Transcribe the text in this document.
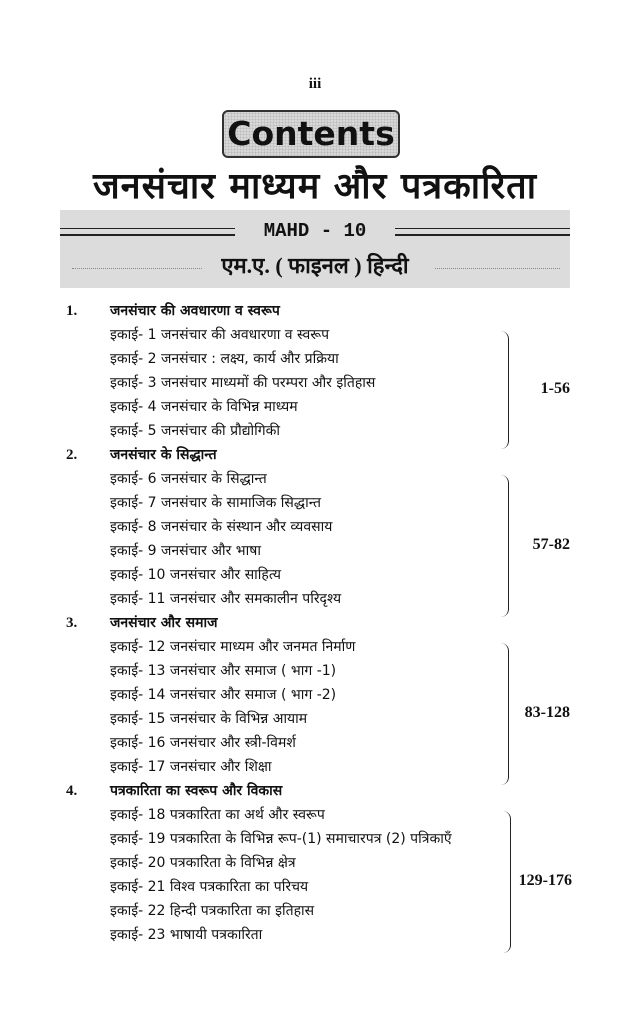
iii
Contents
जनसंचार माध्यम और पत्रकारिता
MAHD - 10
एम.ए. ( फाइनल ) हिन्दी
1. जनसंचार की अवधारणा व स्वरूप
इकाई- 1 जनसंचार की अवधारणा व स्वरूप
इकाई- 2 जनसंचार : लक्ष्य, कार्य और प्रक्रिया
इकाई- 3 जनसंचार माध्यमों की परम्परा और इतिहास
इकाई- 4 जनसंचार के विभिन्न माध्यम
इकाई- 5 जनसंचार की प्रौद्योगिकी
1-56
2. जनसंचार के सिद्धान्त
इकाई- 6 जनसंचार के सिद्धान्त
इकाई- 7 जनसंचार के सामाजिक सिद्धान्त
इकाई- 8 जनसंचार के संस्थान और व्यवसाय
इकाई- 9 जनसंचार और भाषा
इकाई- 10 जनसंचार और साहित्य
इकाई- 11 जनसंचार और समकालीन परिदृश्य
57-82
3. जनसंचार और समाज
इकाई- 12 जनसंचार माध्यम और जनमत निर्माण
इकाई- 13 जनसंचार और समाज ( भाग -1)
इकाई- 14 जनसंचार और समाज ( भाग -2)
इकाई- 15 जनसंचार के विभिन्न आयाम
इकाई- 16 जनसंचार और स्त्री-विमर्श
इकाई- 17 जनसंचार और शिक्षा
83-128
4. पत्रकारिता का स्वरूप और विकास
इकाई- 18 पत्रकारिता का अर्थ और स्वरूप
इकाई- 19 पत्रकारिता के विभिन्न रूप-(1) समाचारपत्र (2) पत्रिकाएँ
इकाई- 20 पत्रकारिता के विभिन्न क्षेत्र
इकाई- 21 विश्व पत्रकारिता का परिचय
इकाई- 22 हिन्दी पत्रकारिता का इतिहास
इकाई- 23 भाषायी पत्रकारिता
129-176
